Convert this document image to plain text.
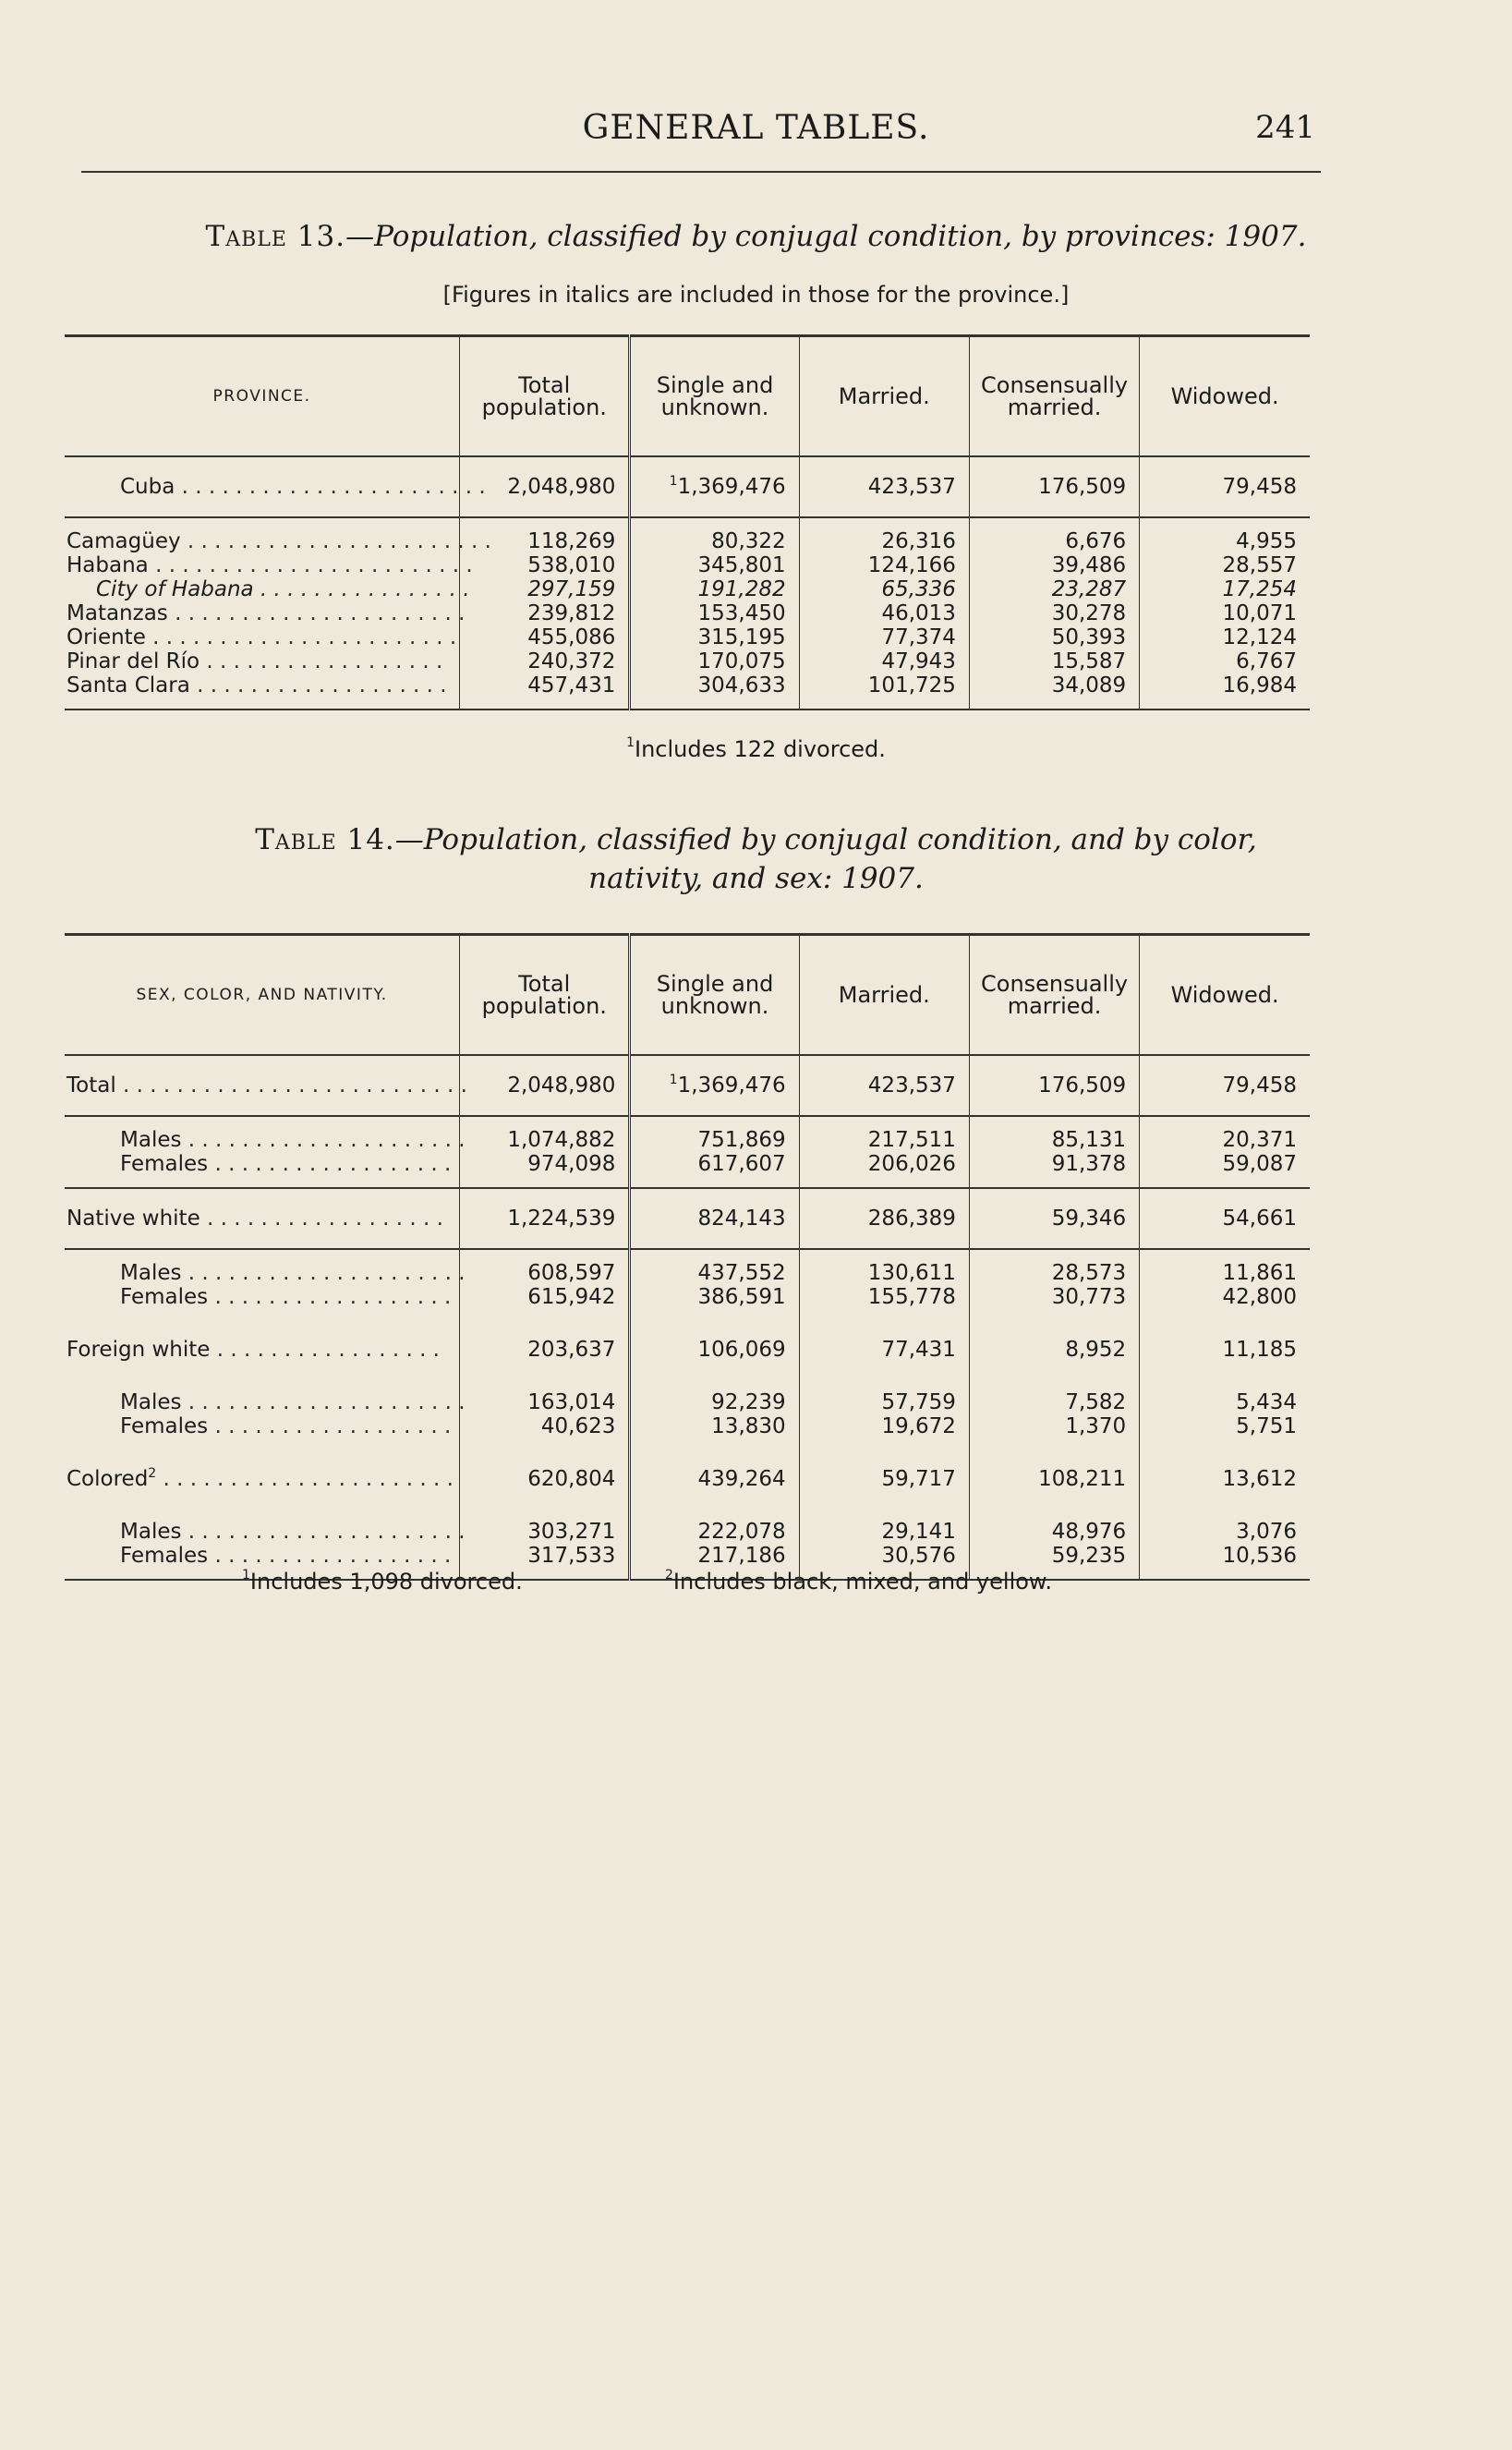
GENERAL TABLES.	241
Table 13.—Population, classified by conjugal condition, by provinces: 1907.
[Figures in italics are included in those for the province.]
PROVINCE.	Total population.	Single and unknown.	Married.	Consensually married.	Widowed.
Cuba . . . . . . . . . . . . . . . . . . . . . . .	2,048,980	$^1$1,369,476	423,537	176,509	79,458
Camagüey . . . . . . . . . . . . . . . . . . . . . . .	118,269	80,322	26,316	6,676	4,955
Habana . . . . . . . . . . . . . . . . . . . . . . . .	538,010	345,801	124,166	39,486	28,557
City of Habana . . . . . . . . . . . . . . . .	297,159	191,282	65,336	23,287	17,254
Matanzas . . . . . . . . . . . . . . . . . . . . . .	239,812	153,450	46,013	30,278	10,071
Oriente . . . . . . . . . . . . . . . . . . . . . . .	455,086	315,195	77,374	50,393	12,124
Pinar del Río . . . . . . . . . . . . . . . . . .	240,372	170,075	47,943	15,587	6,767
Santa Clara . . . . . . . . . . . . . . . . . . .	457,431	304,633	101,725	34,089	16,984
$^1$Includes 122 divorced.
Table 14.—Population, classified by conjugal condition, and by color,
nativity, and sex: 1907.
SEX, COLOR, AND NATIVITY.	Total population.	Single and unknown.	Married.	Consensually married.	Widowed.
Total . . . . . . . . . . . . . . . . . . . . . . . . . .	2,048,980	$^1$1,369,476	423,537	176,509	79,458
Males . . . . . . . . . . . . . . . . . . . . .	1,074,882	751,869	217,511	85,131	20,371
Females . . . . . . . . . . . . . . . . . .	974,098	617,607	206,026	91,378	59,087
Native white . . . . . . . . . . . . . . . . . .	1,224,539	824,143	286,389	59,346	54,661
Males . . . . . . . . . . . . . . . . . . . . .	608,597	437,552	130,611	28,573	11,861
Females . . . . . . . . . . . . . . . . . .	615,942	386,591	155,778	30,773	42,800
Foreign white . . . . . . . . . . . . . . . . .	203,637	106,069	77,431	8,952	11,185
Males . . . . . . . . . . . . . . . . . . . . .	163,014	92,239	57,759	7,582	5,434
Females . . . . . . . . . . . . . . . . . .	40,623	13,830	19,672	1,370	5,751
Colored$^2$ . . . . . . . . . . . . . . . . . . . . . .	620,804	439,264	59,717	108,211	13,612
Males . . . . . . . . . . . . . . . . . . . . .	303,271	222,078	29,141	48,976	3,076
Females . . . . . . . . . . . . . . . . . .	317,533	217,186	30,576	59,235	10,536
$^1$Includes 1,098 divorced.	$^2$Includes black, mixed, and yellow.
